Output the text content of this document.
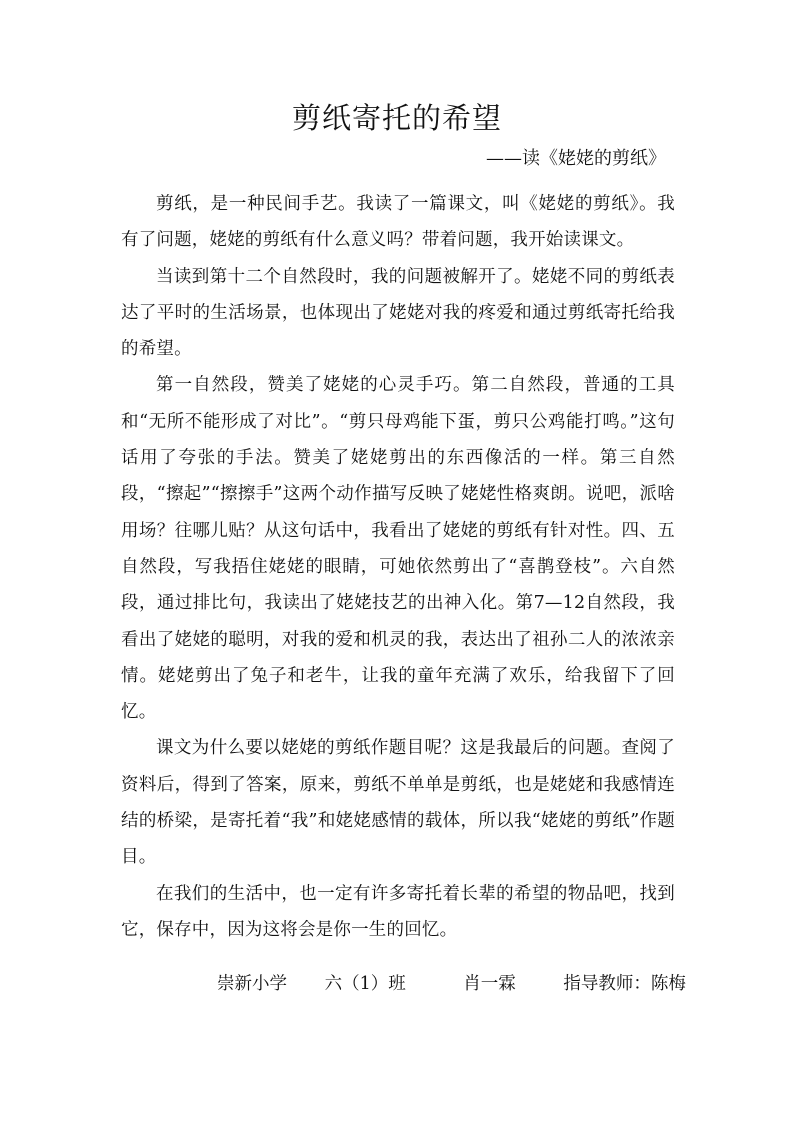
剪纸寄托的希望
——读《姥姥的剪纸》

剪纸，是一种民间手艺。我读了一篇课文，叫《姥姥的剪纸》。我有了问题，姥姥的剪纸有什么意义吗？带着问题，我开始读课文。

当读到第十二个自然段时，我的问题被解开了。姥姥不同的剪纸表达了平时的生活场景，也体现出了姥姥对我的疼爱和通过剪纸寄托给我的希望。

第一自然段，赞美了姥姥的心灵手巧。第二自然段，普通的工具和“无所不能形成了对比”。“剪只母鸡能下蛋，剪只公鸡能打鸣。”这句话用了夸张的手法。赞美了姥姥剪出的东西像活的一样。第三自然段，“擦起”“擦擦手”这两个动作描写反映了姥姥性格爽朗。说吧，派啥用场？往哪儿贴？从这句话中，我看出了姥姥的剪纸有针对性。四、五自然段，写我捂住姥姥的眼睛，可她依然剪出了“喜鹊登枝”。六自然段，通过排比句，我读出了姥姥技艺的出神入化。第7—12自然段，我看出了姥姥的聪明，对我的爱和机灵的我，表达出了祖孙二人的浓浓亲情。姥姥剪出了兔子和老牛，让我的童年充满了欢乐，给我留下了回忆。

课文为什么要以姥姥的剪纸作题目呢？这是我最后的问题。查阅了资料后，得到了答案，原来，剪纸不单单是剪纸，也是姥姥和我感情连结的桥梁，是寄托着“我”和姥姥感情的载体，所以我“姥姥的剪纸”作题目。

在我们的生活中，也一定有许多寄托着长辈的希望的物品吧，找到它，保存中，因为这将会是你一生的回忆。

崇新小学 六（1）班	肖一霖	指导教师：陈梅
